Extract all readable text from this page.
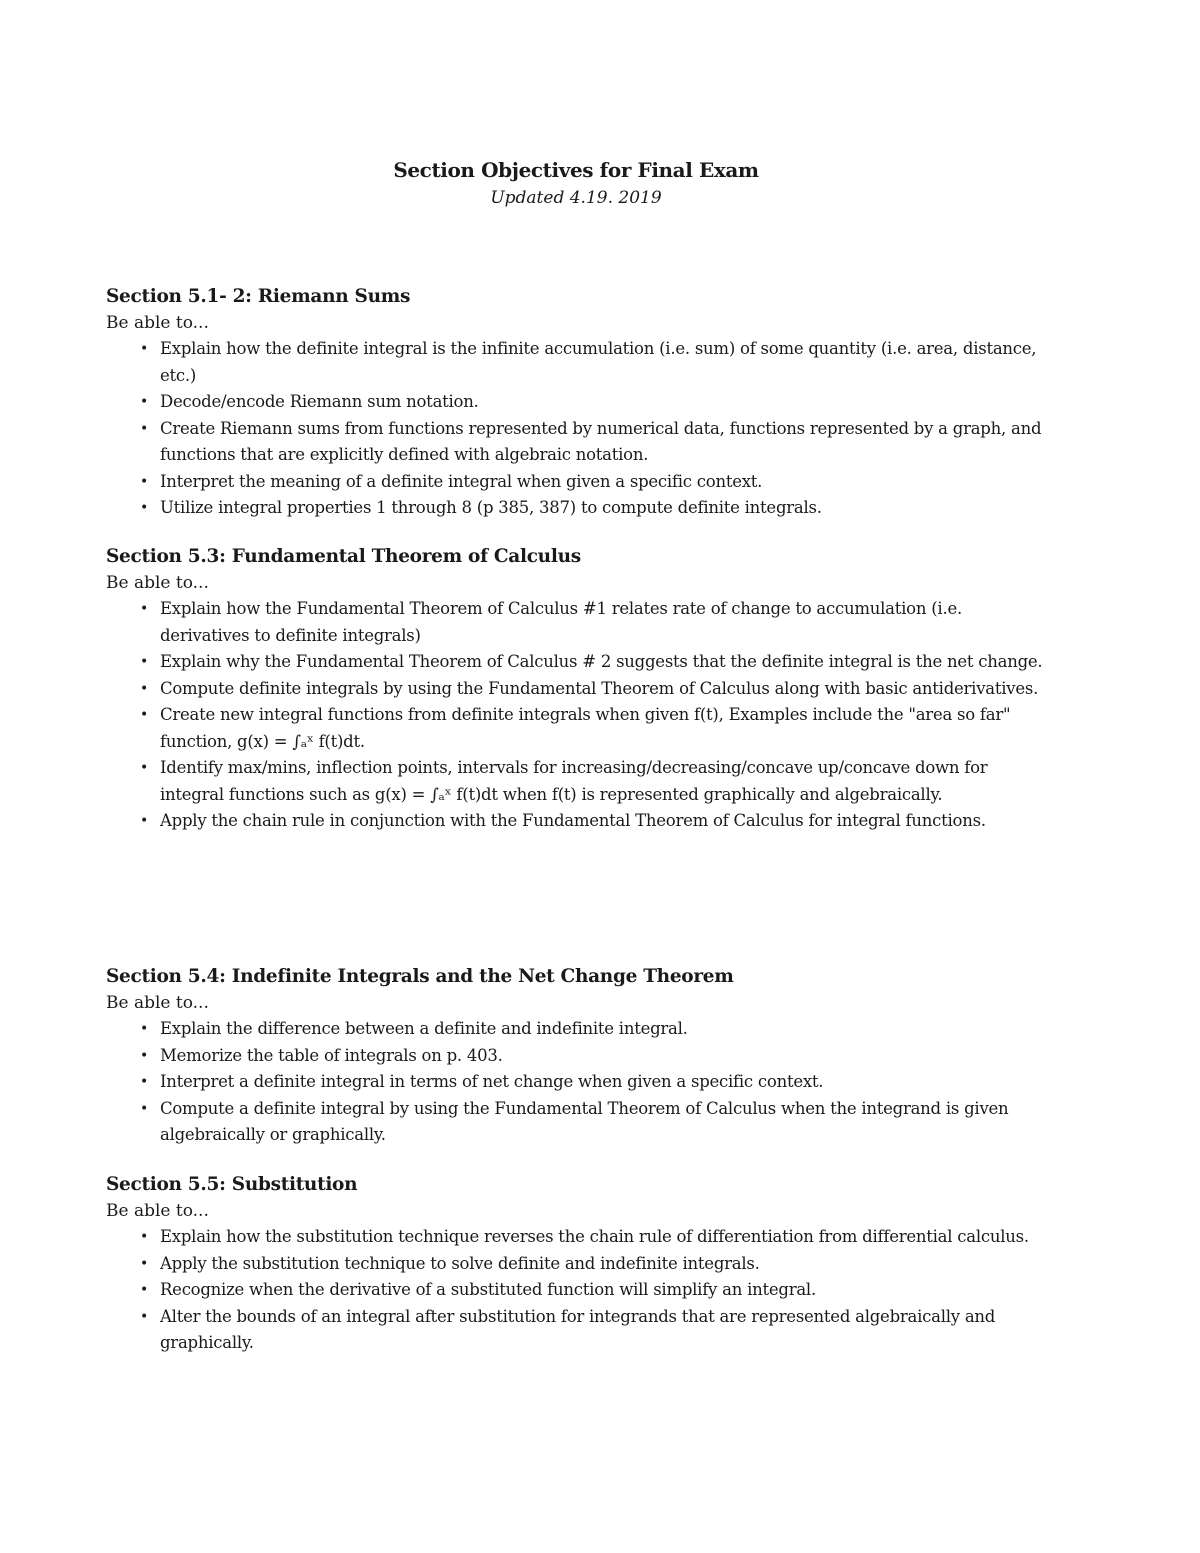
Section Objectives for Final Exam
Updated 4.19. 2019
Section 5.1- 2: Riemann Sums

Be able to...

• Explain how the definite integral is the infinite accumulation (i.e. sum) of some quantity (i.e. area, distance, etc.)
• Decode/encode Riemann sum notation.
• Create Riemann sums from functions represented by numerical data, functions represented by a graph, and functions that are explicitly defined with algebraic notation.
• Interpret the meaning of a definite integral when given a specific context.
• Utilize integral properties 1 through 8 (p 385, 387) to compute definite integrals.
Section 5.3: Fundamental Theorem of Calculus

Be able to...

• Explain how the Fundamental Theorem of Calculus #1 relates rate of change to accumulation (i.e. derivatives to definite integrals)
• Explain why the Fundamental Theorem of Calculus # 2 suggests that the definite integral is the net change.
• Compute definite integrals by using the Fundamental Theorem of Calculus along with basic antiderivatives.
• Create new integral functions from definite integrals when given f(t), Examples include the "area so far" function, g(x) = ∫ₐˣ f(t)dt.
• Identify max/mins, inflection points, intervals for increasing/decreasing/concave up/concave down for integral functions such as g(x) = ∫ₐˣ f(t)dt when f(t) is represented graphically and algebraically.
• Apply the chain rule in conjunction with the Fundamental Theorem of Calculus for integral functions.
Section 5.4: Indefinite Integrals and the Net Change Theorem

Be able to...

• Explain the difference between a definite and indefinite integral.
• Memorize the table of integrals on p. 403.
• Interpret a definite integral in terms of net change when given a specific context.
• Compute a definite integral by using the Fundamental Theorem of Calculus when the integrand is given algebraically or graphically.
Section 5.5: Substitution

Be able to...

• Explain how the substitution technique reverses the chain rule of differentiation from differential calculus.
• Apply the substitution technique to solve definite and indefinite integrals.
• Recognize when the derivative of a substituted function will simplify an integral.
• Alter the bounds of an integral after substitution for integrands that are represented algebraically and graphically.
